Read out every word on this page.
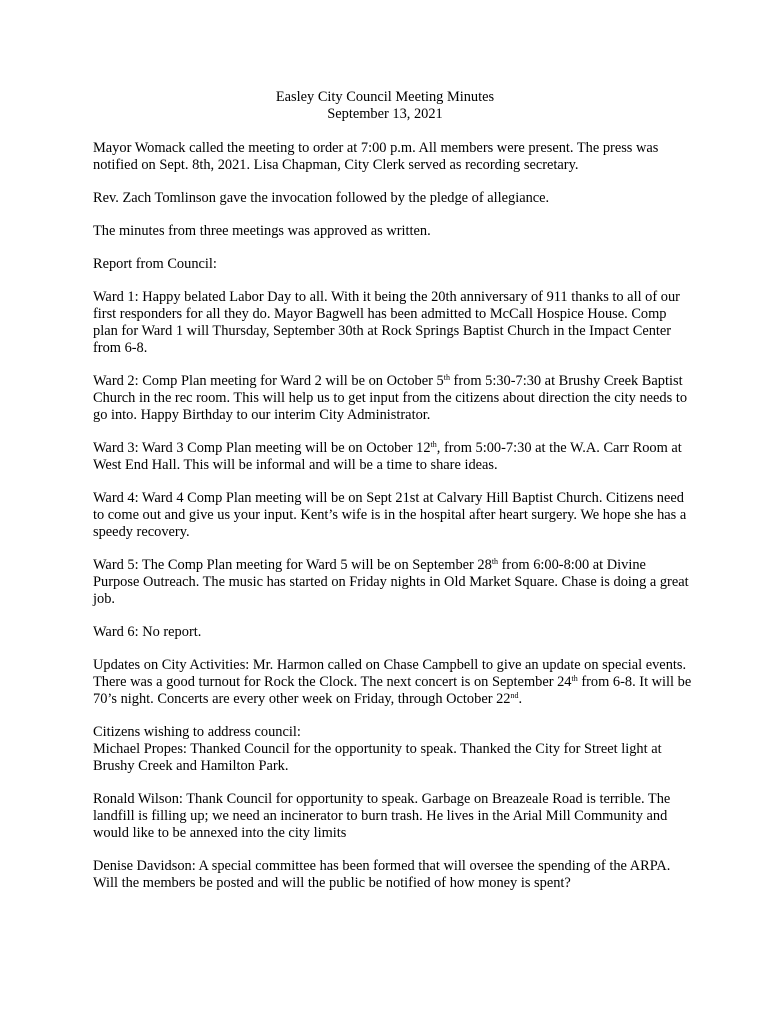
Easley City Council Meeting Minutes
September 13, 2021

Mayor Womack called the meeting to order at 7:00 p.m. All members were present. The press was notified on Sept. 8th, 2021. Lisa Chapman, City Clerk served as recording secretary.

Rev. Zach Tomlinson gave the invocation followed by the pledge of allegiance.

The minutes from three meetings was approved as written.

Report from Council:

Ward 1: Happy belated Labor Day to all. With it being the 20th anniversary of 911 thanks to all of our first responders for all they do. Mayor Bagwell has been admitted to McCall Hospice House. Comp plan for Ward 1 will Thursday, September 30th at Rock Springs Baptist Church in the Impact Center from 6-8.

Ward 2: Comp Plan meeting for Ward 2 will be on October 5th from 5:30-7:30 at Brushy Creek Baptist Church in the rec room. This will help us to get input from the citizens about direction the city needs to go into. Happy Birthday to our interim City Administrator.

Ward 3: Ward 3 Comp Plan meeting will be on October 12th, from 5:00-7:30 at the W.A. Carr Room at West End Hall. This will be informal and will be a time to share ideas.

Ward 4: Ward 4 Comp Plan meeting will be on Sept 21st at Calvary Hill Baptist Church. Citizens need to come out and give us your input. Kent’s wife is in the hospital after heart surgery. We hope she has a speedy recovery.

Ward 5: The Comp Plan meeting for Ward 5 will be on September 28th from 6:00-8:00 at Divine Purpose Outreach. The music has started on Friday nights in Old Market Square. Chase is doing a great job.

Ward 6: No report.

Updates on City Activities: Mr. Harmon called on Chase Campbell to give an update on special events. There was a good turnout for Rock the Clock. The next concert is on September 24th from 6-8. It will be 70’s night. Concerts are every other week on Friday, through October 22nd.

Citizens wishing to address council:

Michael Propes: Thanked Council for the opportunity to speak. Thanked the City for Street light at Brushy Creek and Hamilton Park.

Ronald Wilson: Thank Council for opportunity to speak. Garbage on Breazeale Road is terrible. The landfill is filling up; we need an incinerator to burn trash. He lives in the Arial Mill Community and would like to be annexed into the city limits

Denise Davidson: A special committee has been formed that will oversee the spending of the ARPA. Will the members be posted and will the public be notified of how money is spent?
